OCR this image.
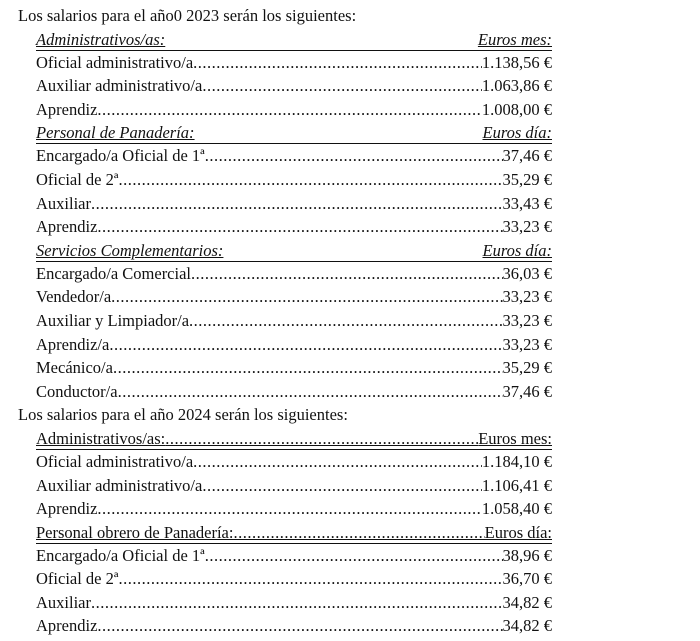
Los salarios para el año0 2023 serán los siguientes:
Administrativos/as:	Euros mes:
Oficial administrativo/a .....	1.138,56 €
Auxiliar administrativo/a .....	1.063,86 €
Aprendiz .....	1.008,00 €
Personal de Panadería:	Euros día:
Encargado/a Oficial de 1ª .....	37,46 €
Oficial de 2ª .....	35,29 €
Auxiliar .....	33,43 €
Aprendiz .....	33,23 €
Servicios Complementarios:	Euros día:
Encargado/a Comercial .....	36,03 €
Vendedor/a .....	33,23 €
Auxiliar y Limpiador/a .....	33,23 €
Aprendiz/a .....	33,23 €
Mecánico/a .....	35,29 €
Conductor/a .....	37,46 €
Los salarios para el año 2024 serán los siguientes:
Administrativos/as: .....	Euros mes:
Oficial administrativo/a .....	1.184,10 €
Auxiliar administrativo/a .....	1.106,41 €
Aprendiz .....	1.058,40 €
Personal obrero de Panadería: .....	Euros día:
Encargado/a Oficial de 1ª .....	38,96 €
Oficial de 2ª .....	36,70 €
Auxiliar .....	34,82 €
Aprendiz .....	34,82 €
